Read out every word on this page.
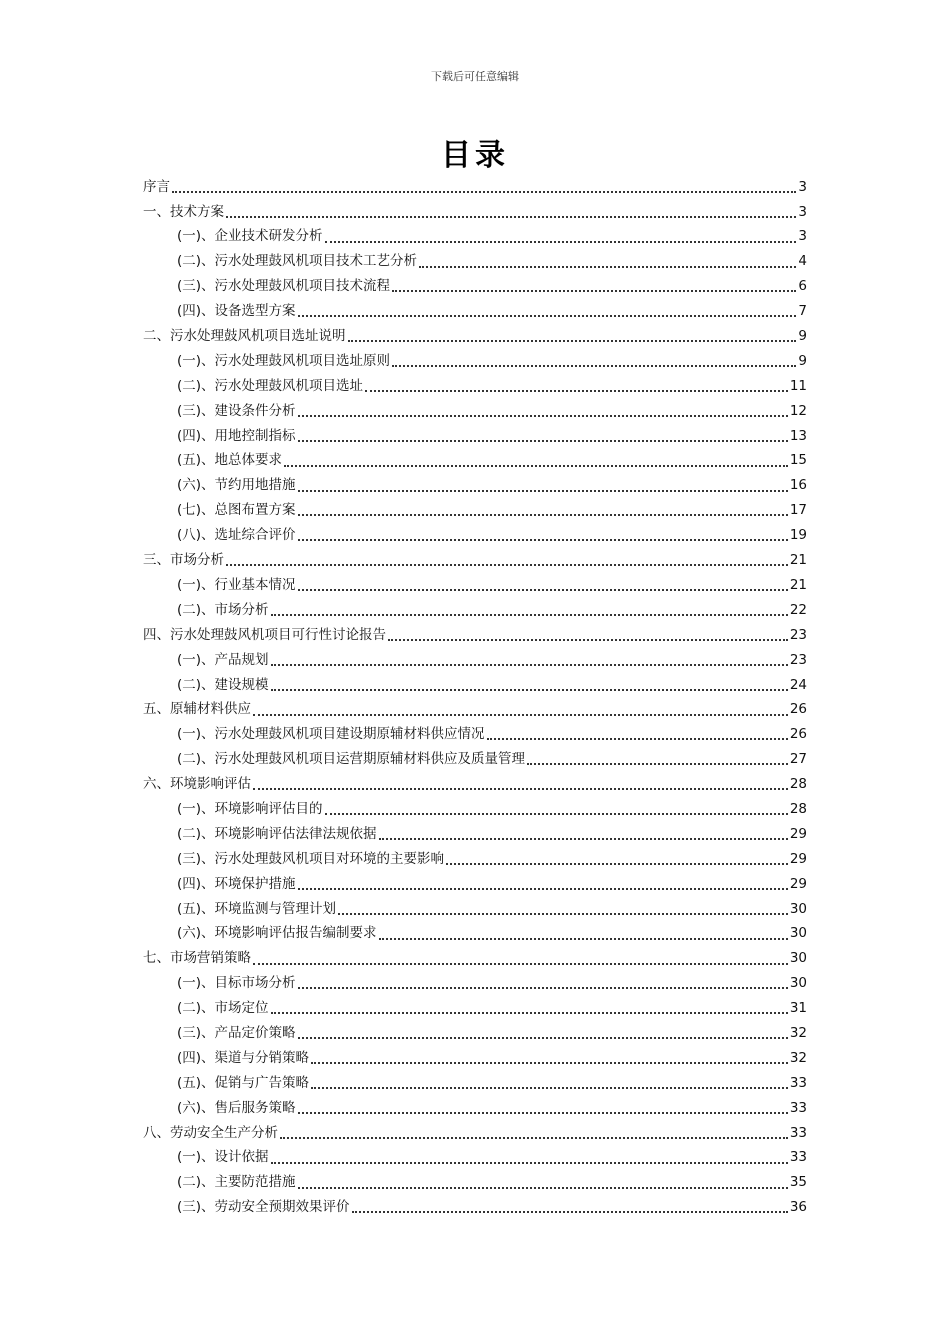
下载后可任意编辑
目录
序言	3
一、技术方案	3
(一)、企业技术研发分析	3
(二)、污水处理鼓风机项目技术工艺分析	4
(三)、污水处理鼓风机项目技术流程	6
(四)、设备选型方案	7
二、污水处理鼓风机项目选址说明	9
(一)、污水处理鼓风机项目选址原则	9
(二)、污水处理鼓风机项目选址	11
(三)、建设条件分析	12
(四)、用地控制指标	13
(五)、地总体要求	15
(六)、节约用地措施	16
(七)、总图布置方案	17
(八)、选址综合评价	19
三、市场分析	21
(一)、行业基本情况	21
(二)、市场分析	22
四、污水处理鼓风机项目可行性讨论报告	23
(一)、产品规划	23
(二)、建设规模	24
五、原辅材料供应	26
(一)、污水处理鼓风机项目建设期原辅材料供应情况	26
(二)、污水处理鼓风机项目运营期原辅材料供应及质量管理	27
六、环境影响评估	28
(一)、环境影响评估目的	28
(二)、环境影响评估法律法规依据	29
(三)、污水处理鼓风机项目对环境的主要影响	29
(四)、环境保护措施	29
(五)、环境监测与管理计划	30
(六)、环境影响评估报告编制要求	30
七、市场营销策略	30
(一)、目标市场分析	30
(二)、市场定位	31
(三)、产品定价策略	32
(四)、渠道与分销策略	32
(五)、促销与广告策略	33
(六)、售后服务策略	33
八、劳动安全生产分析	33
(一)、设计依据	33
(二)、主要防范措施	35
(三)、劳动安全预期效果评价	36
